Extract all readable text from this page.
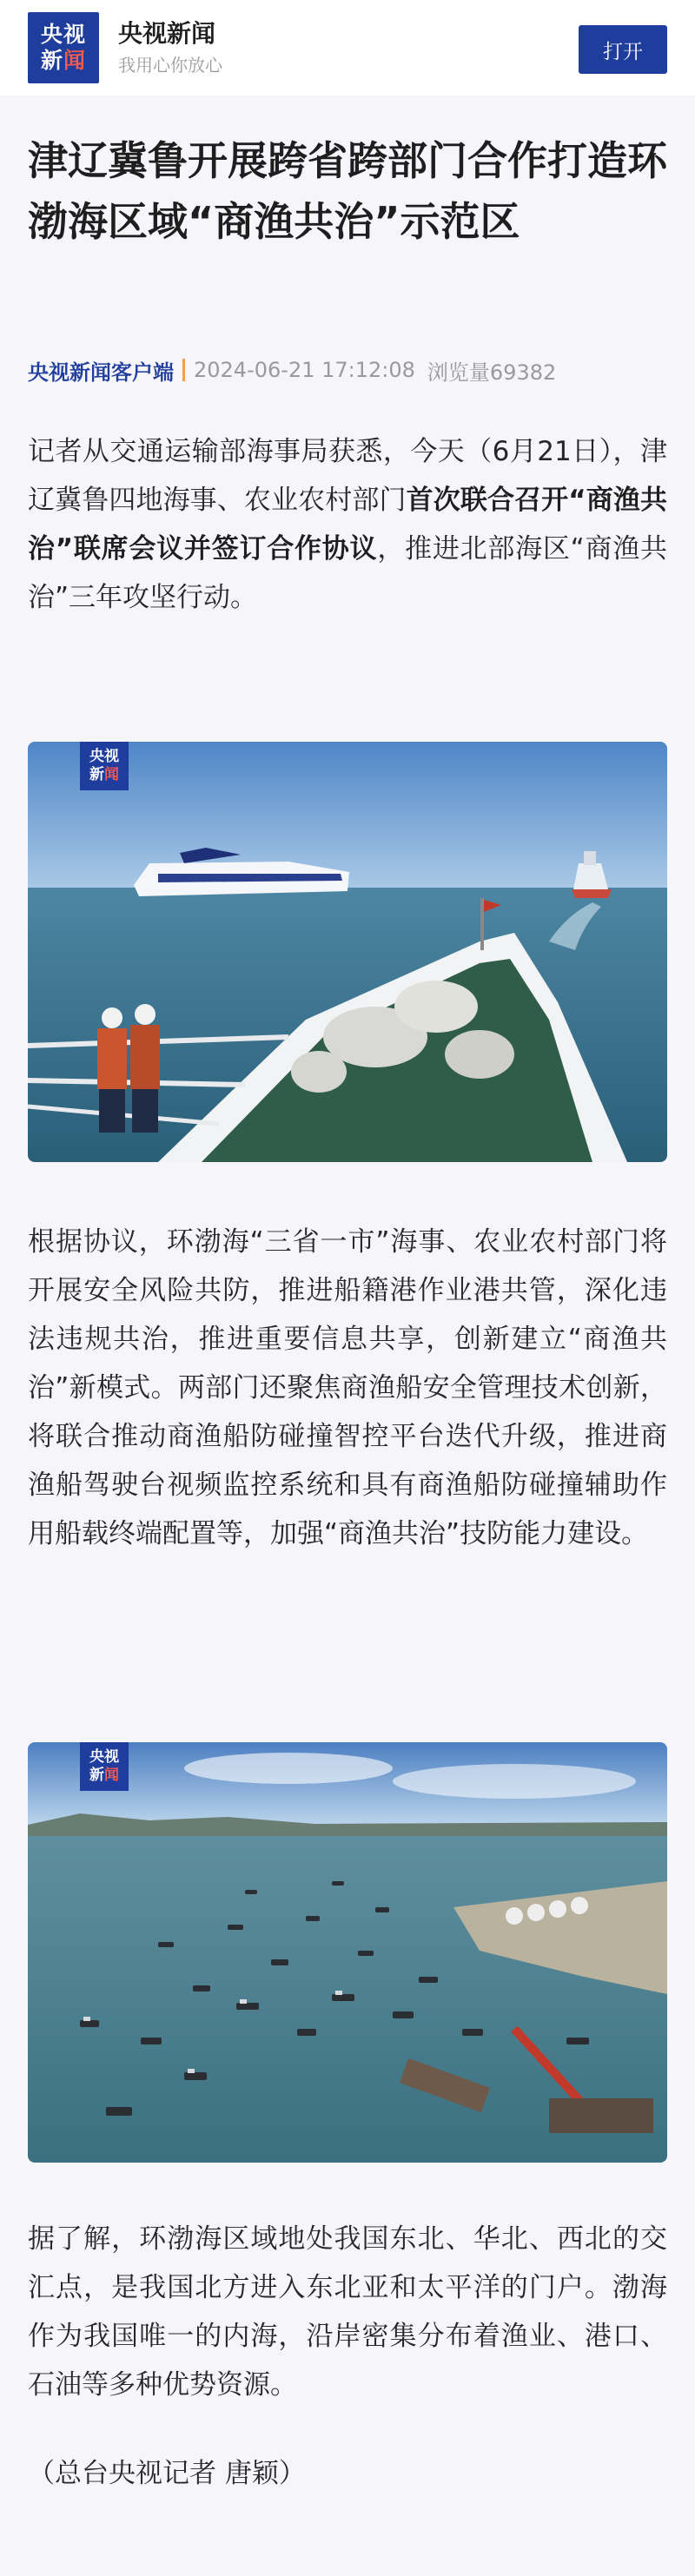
央视
新闻
央视新闻
我用心你放心
打开
津辽冀鲁开展跨省跨部门合作打造环渤海区域“商渔共治”示范区
央视新闻客户端 2024-06-21 17:12:08 浏览量69382

记者从交通运输部海事局获悉，今天（6月21日），津辽冀鲁四地海事、农业农村部门首次联合召开“商渔共治”联席会议并签订合作协议，推进北部海区“商渔共治”三年攻坚行动。

央视
新闻

根据协议，环渤海“三省一市”海事、农业农村部门将开展安全风险共防，推进船籍港作业港共管，深化违法违规共治，推进重要信息共享，创新建立“商渔共治”新模式。两部门还聚焦商渔船安全管理技术创新，将联合推动商渔船防碰撞智控平台迭代升级，推进商渔船驾驶台视频监控系统和具有商渔船防碰撞辅助作用船载终端配置等，加强“商渔共治”技防能力建设。

央视
新闻

据了解，环渤海区域地处我国东北、华北、西北的交汇点，是我国北方进入东北亚和太平洋的门户。渤海作为我国唯一的内海，沿岸密集分布着渔业、港口、石油等多种优势资源。

（总台央视记者 唐颖）
